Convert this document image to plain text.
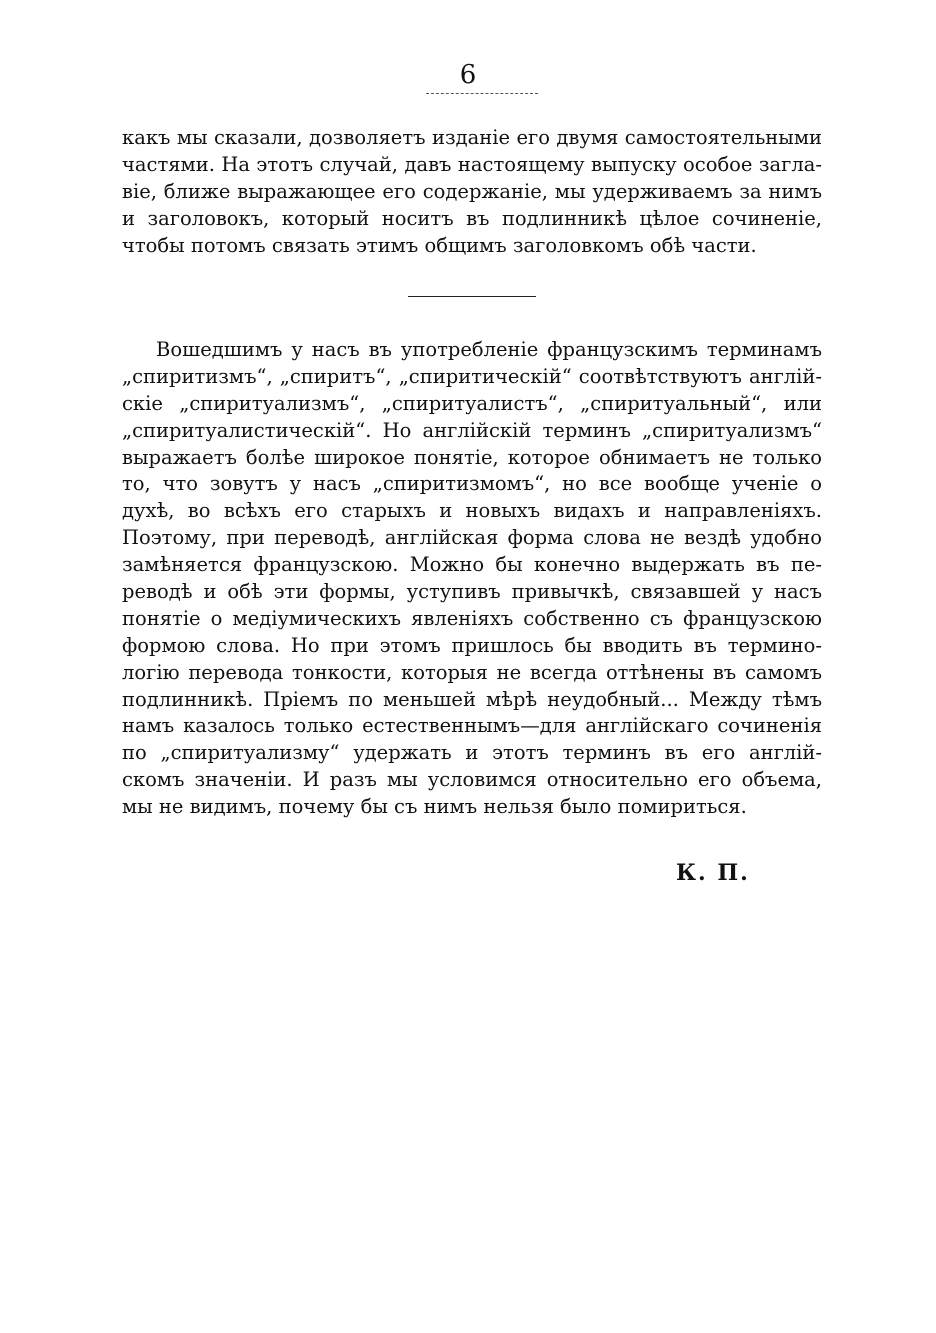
6
какъ мы сказали, дозволяетъ изданіе его двумя самостоятельными
частями. На этотъ случай, давъ настоящему выпуску особое загла-
віе, ближе выражающее его содержаніе, мы удерживаемъ за нимъ
и заголовокъ, который носитъ въ подлинникѣ цѣлое сочиненіе,
чтобы потомъ связать этимъ общимъ заголовкомъ обѣ части.
Вошедшимъ у насъ въ употребленіе французскимъ терминамъ
„спиритизмъ“, „спиритъ“, „спиритическій“ соотвѣтствуютъ англій-
скіе „спиритуализмъ“, „спиритуалистъ“, „спиритуальный“, или
„спиритуалистическій“. Но англійскій терминъ „спиритуализмъ“
выражаетъ болѣе широкое понятіе, которое обнимаетъ не только
то, что зовутъ у насъ „спиритизмомъ“, но все вообще ученіе о
духѣ, во всѣхъ его старыхъ и новыхъ видахъ и направленіяхъ.
Поэтому, при переводѣ, англійская форма слова не вездѣ удобно
замѣняется французскою. Можно бы конечно выдержать въ пе-
реводѣ и обѣ эти формы, уступивъ привычкѣ, связавшей у насъ
понятіе о медіумическихъ явленіяхъ собственно съ французскою
формою слова. Но при этомъ пришлось бы вводить въ термино-
логію перевода тонкости, которыя не всегда оттѣнены въ самомъ
подлинникѣ. Пріемъ по меньшей мѣрѣ неудобный... Между тѣмъ
намъ казалось только естественнымъ—для англійскаго сочиненія
по „спиритуализму“ удержать и этотъ терминъ въ его англій-
скомъ значеніи. И разъ мы условимся относительно его объема,
мы не видимъ, почему бы съ нимъ нельзя было помириться.
К. П.
